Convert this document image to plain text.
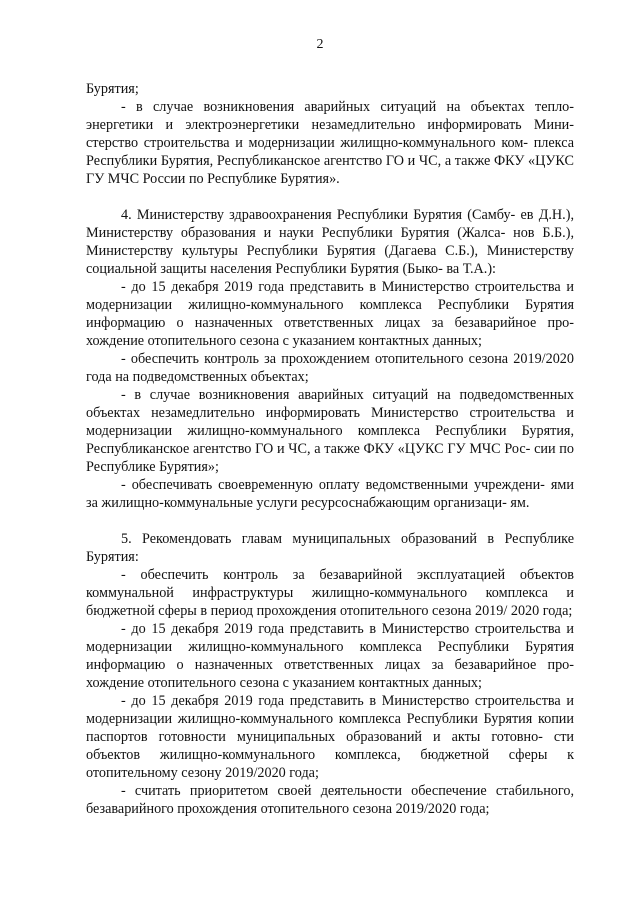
2

Бурятия;

- в случае возникновения аварийных ситуаций на объектах тепло- энергетики и электроэнергетики незамедлительно информировать Мини- стерство строительства и модернизации жилищно-коммунального ком- плекса Республики Бурятия, Республиканское агентство ГО и ЧС, а также ФКУ «ЦУКС ГУ МЧС России по Республике Бурятия».

4. Министерству здравоохранения Республики Бурятия (Самбу- ев Д.Н.), Министерству образования и науки Республики Бурятия (Жалса- нов Б.Б.), Министерству культуры Республики Бурятия (Дагаева С.Б.), Министерству социальной защиты населения Республики Бурятия (Быко- ва Т.А.):

- до 15 декабря 2019 года представить в Министерство строительства и модернизации жилищно-коммунального комплекса Республики Бурятия информацию о назначенных ответственных лицах за безаварийное про- хождение отопительного сезона с указанием контактных данных;

- обеспечить контроль за прохождением отопительного сезона 2019/2020 года на подведомственных объектах;

- в случае возникновения аварийных ситуаций на подведомственных объектах незамедлительно информировать Министерство строительства и модернизации жилищно-коммунального комплекса Республики Бурятия, Республиканское агентство ГО и ЧС, а также ФКУ «ЦУКС ГУ МЧС Рос- сии по Республике Бурятия»;

- обеспечивать своевременную оплату ведомственными учреждени- ями за жилищно-коммунальные услуги ресурсоснабжающим организаци- ям.

5. Рекомендовать главам муниципальных образований в Республике Бурятия:

- обеспечить контроль за безаварийной эксплуатацией объектов коммунальной инфраструктуры жилищно-коммунального комплекса и бюджетной сферы в период прохождения отопительного сезона 2019/ 2020 года;

- до 15 декабря 2019 года представить в Министерство строительства и модернизации жилищно-коммунального комплекса Республики Бурятия информацию о назначенных ответственных лицах за безаварийное про- хождение отопительного сезона с указанием контактных данных;

- до 15 декабря 2019 года представить в Министерство строительства и модернизации жилищно-коммунального комплекса Республики Бурятия копии паспортов готовности муниципальных образований и акты готовно- сти объектов жилищно-коммунального комплекса, бюджетной сферы к отопительному сезону 2019/2020 года;

- считать приоритетом своей деятельности обеспечение стабильного, безаварийного прохождения отопительного сезона 2019/2020 года;
